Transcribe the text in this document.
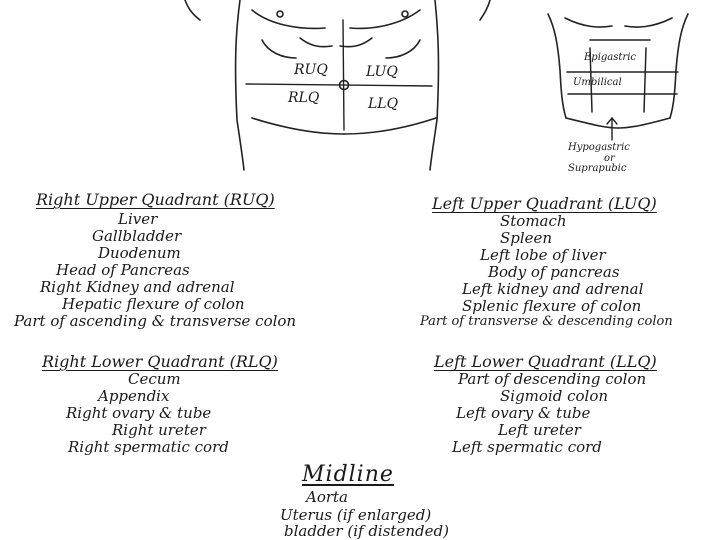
RUQ	LUQ
RLQ	LLQ
Epigastric
Umbilical
Hypogastric
or
Suprapubic
Right Upper Quadrant (RUQ)
Liver
Gallbladder
Duodenum
Head of Pancreas
Right Kidney and adrenal
Hepatic flexure of colon
Part of ascending & transverse colon
Left Upper Quadrant (LUQ)
Stomach
Spleen
Left lobe of liver
Body of pancreas
Left kidney and adrenal
Splenic flexure of colon
Part of transverse & descending colon
Right Lower Quadrant (RLQ)
Cecum
Appendix
Right ovary & tube
Right ureter
Right spermatic cord
Left Lower Quadrant (LLQ)
Part of descending colon
Sigmoid colon
Left ovary & tube
Left ureter
Left spermatic cord
Midline
Aorta
Uterus (if enlarged)
bladder (if distended)
